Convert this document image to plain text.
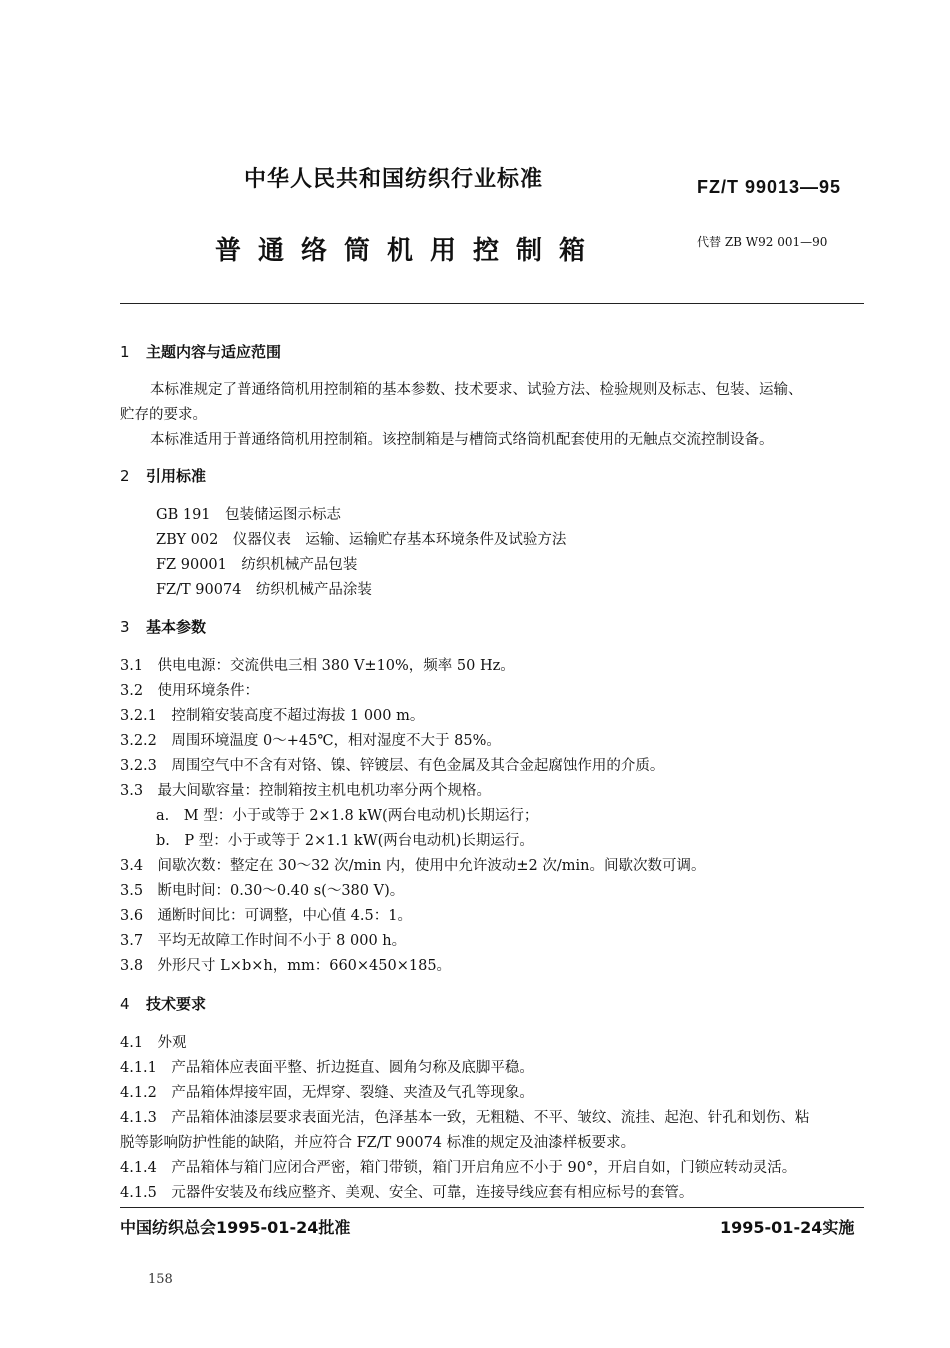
中华人民共和国纺织行业标准	FZ/T 99013—95
普通络筒机用控制箱	代替 ZB W92 001—90
1 主题内容与适应范围
本标准规定了普通络筒机用控制箱的基本参数、技术要求、试验方法、检验规则及标志、包装、运输、
贮存的要求。
本标准适用于普通络筒机用控制箱。该控制箱是与槽筒式络筒机配套使用的无触点交流控制设备。
2 引用标准
GB 191　包装储运图示标志
ZBY 002　仪器仪表　运输、运输贮存基本环境条件及试验方法
FZ 90001　纺织机械产品包装
FZ/T 90074　纺织机械产品涂装
3 基本参数
3.1　供电电源：交流供电三相 380 V±10%，频率 50 Hz。
3.2　使用环境条件：
3.2.1　控制箱安装高度不超过海拔 1 000 m。
3.2.2　周围环境温度 0～+45℃，相对湿度不大于 85%。
3.2.3　周围空气中不含有对铬、镍、锌镀层、有色金属及其合金起腐蚀作用的介质。
3.3　最大间歇容量：控制箱按主机电机功率分两个规格。
a.　M 型：小于或等于 2×1.8 kW(两台电动机)长期运行；
b.　P 型：小于或等于 2×1.1 kW(两台电动机)长期运行。
3.4　间歇次数：整定在 30～32 次/min 内，使用中允许波动±2 次/min。间歇次数可调。
3.5　断电时间：0.30～0.40 s(～380 V)。
3.6　通断时间比：可调整，中心值 4.5：1。
3.7　平均无故障工作时间不小于 8 000 h。
3.8　外形尺寸 L×b×h，mm：660×450×185。
4 技术要求
4.1　外观
4.1.1　产品箱体应表面平整、折边挺直、圆角匀称及底脚平稳。
4.1.2　产品箱体焊接牢固，无焊穿、裂缝、夹渣及气孔等现象。
4.1.3　产品箱体油漆层要求表面光洁，色泽基本一致，无粗糙、不平、皱纹、流挂、起泡、针孔和划伤、粘
脱等影响防护性能的缺陷，并应符合 FZ/T 90074 标准的规定及油漆样板要求。
4.1.4　产品箱体与箱门应闭合严密，箱门带锁，箱门开启角应不小于 90°，开启自如，门锁应转动灵活。
4.1.5　元器件安装及布线应整齐、美观、安全、可靠，连接导线应套有相应标号的套管。
中国纺织总会1995-01-24批准	1995-01-24实施
158
